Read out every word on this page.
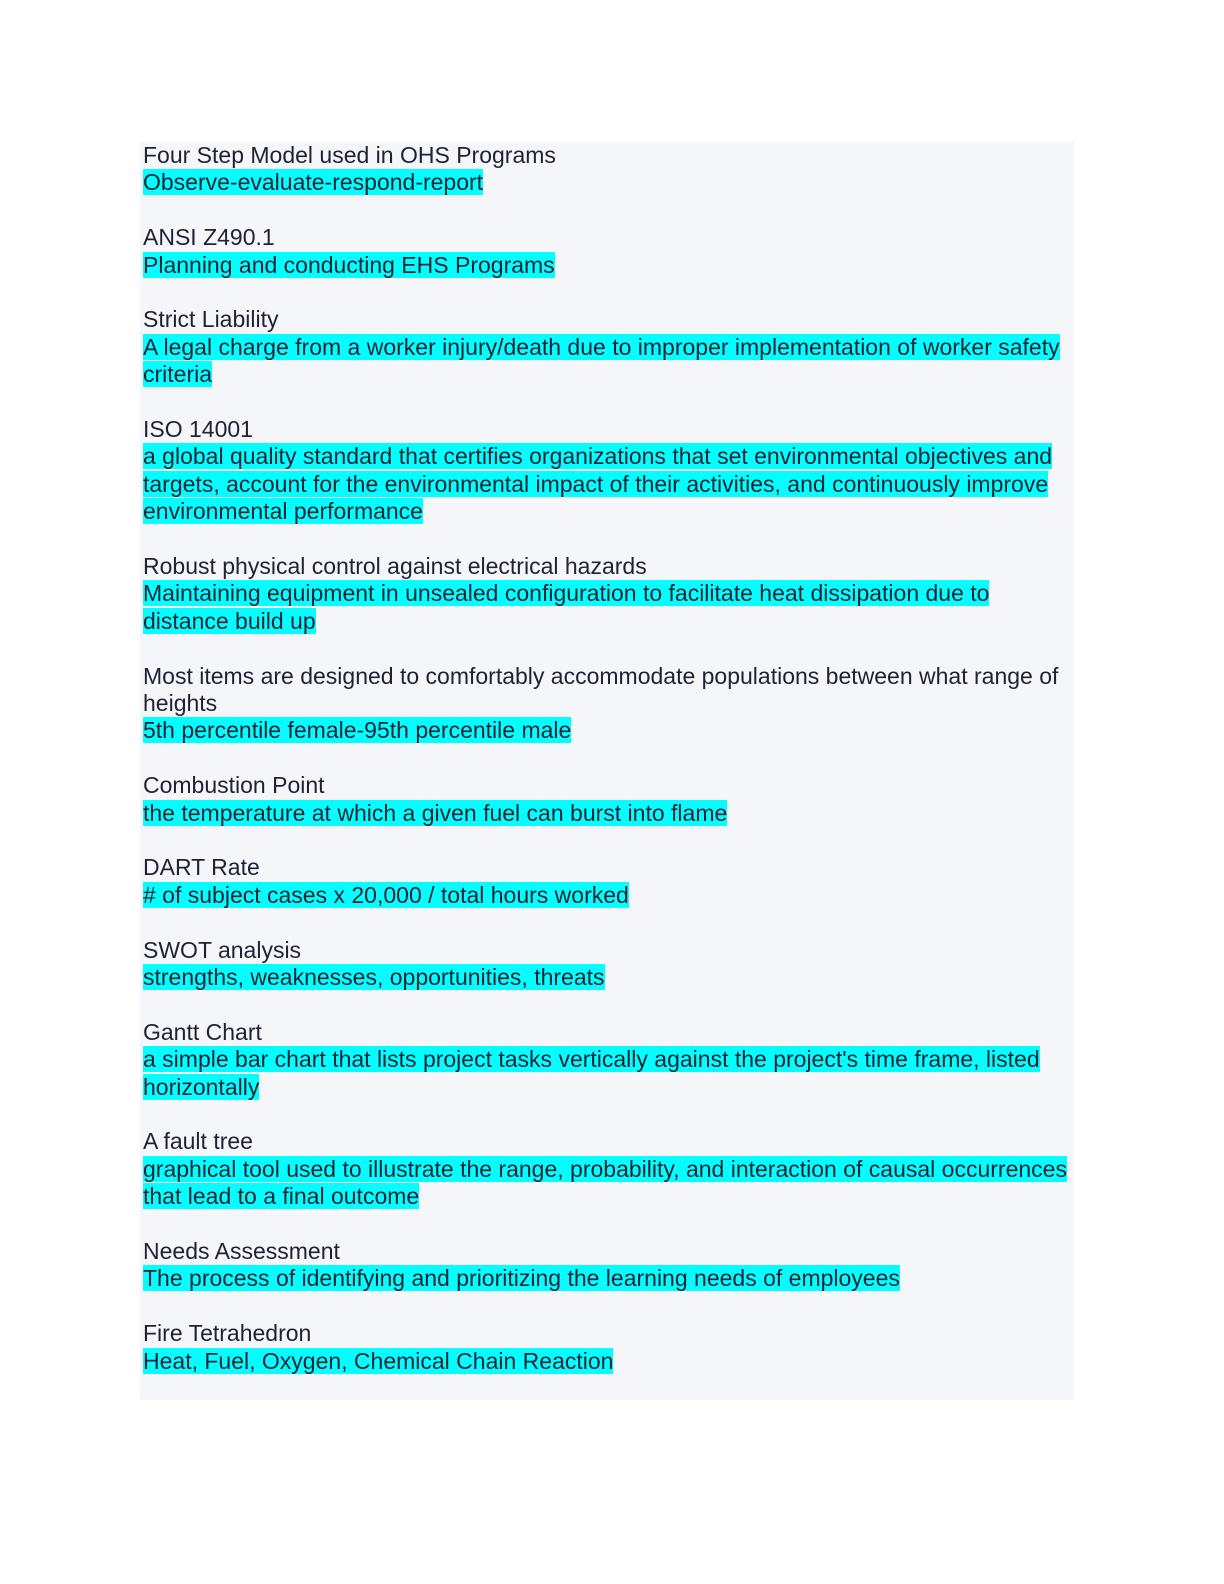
Four Step Model used in OHS Programs
Observe-evaluate-respond-report
ANSI Z490.1
Planning and conducting EHS Programs
Strict Liability
A legal charge from a worker injury/death due to improper implementation of worker safety criteria
ISO 14001
a global quality standard that certifies organizations that set environmental objectives and targets, account for the environmental impact of their activities, and continuously improve environmental performance
Robust physical control against electrical hazards
Maintaining equipment in unsealed configuration to facilitate heat dissipation due to distance build up
Most items are designed to comfortably accommodate populations between what range of heights
5th percentile female-95th percentile male
Combustion Point
the temperature at which a given fuel can burst into flame
DART Rate
# of subject cases x 20,000 / total hours worked
SWOT analysis
strengths, weaknesses, opportunities, threats
Gantt Chart
a simple bar chart that lists project tasks vertically against the project's time frame, listed horizontally
A fault tree
graphical tool used to illustrate the range, probability, and interaction of causal occurrences that lead to a final outcome
Needs Assessment
The process of identifying and prioritizing the learning needs of employees
Fire Tetrahedron
Heat, Fuel, Oxygen, Chemical Chain Reaction
